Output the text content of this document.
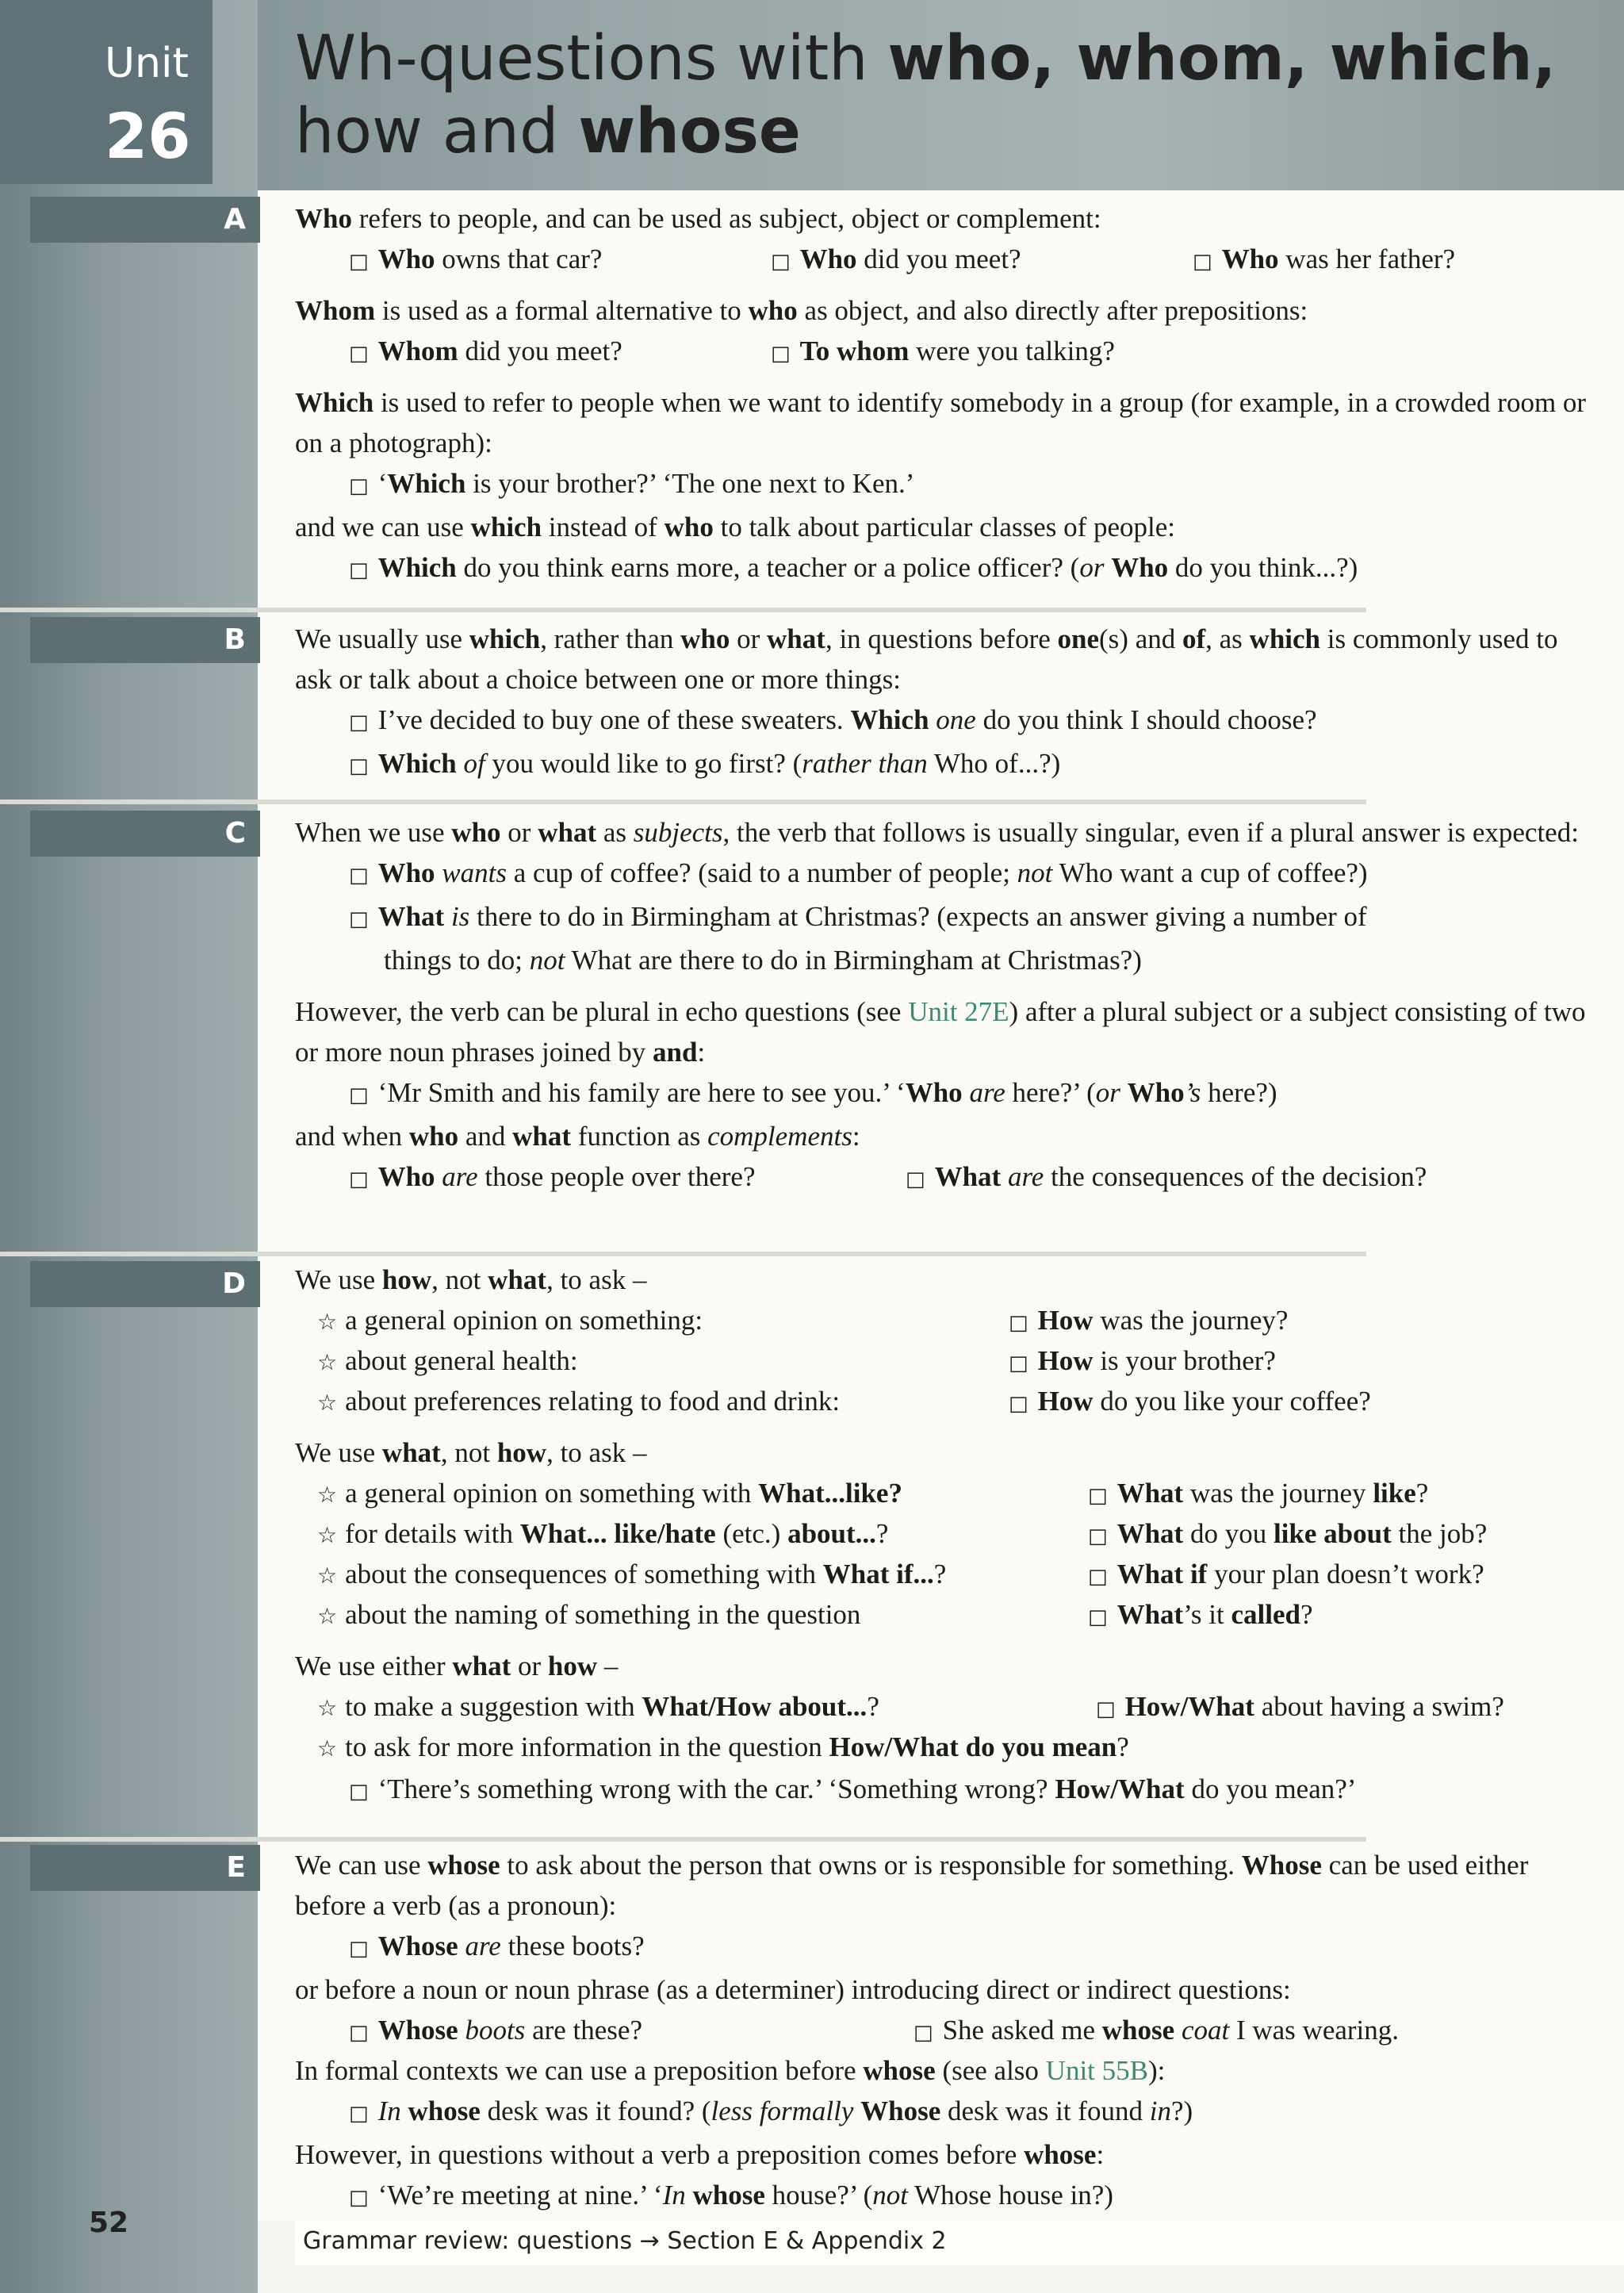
Unit
26
Wh-questions with who, whom, which,
how and whose
A Who refers to people, and can be used as subject, object or complement:

□ Who owns that car?	□ Who did you meet?	□ Who was her father?

Whom is used as a formal alternative to who as object, and also directly after prepositions:

□ Whom did you meet?	□ To whom were you talking?

Which is used to refer to people when we want to identify somebody in a group (for example, in a crowded room or on a photograph):

□ ‘Which is your brother?’ ‘The one next to Ken.’

and we can use which instead of who to talk about particular classes of people:

□ Which do you think earns more, a teacher or a police officer? (or Who do you think...?)

B We usually use which, rather than who or what, in questions before one(s) and of, as which is commonly used to ask or talk about a choice between one or more things:

□ I’ve decided to buy one of these sweaters. Which one do you think I should choose?

□ Which of you would like to go first? (rather than Who of...?)

C When we use who or what as subjects, the verb that follows is usually singular, even if a plural answer is expected:

□ Who wants a cup of coffee? (said to a number of people; not Who want a cup of coffee?)

□ What is there to do in Birmingham at Christmas? (expects an answer giving a number of

things to do; not What are there to do in Birmingham at Christmas?)

However, the verb can be plural in echo questions (see Unit 27E) after a plural subject or a subject consisting of two or more noun phrases joined by and:

□ ‘Mr Smith and his family are here to see you.’ ‘Who are here?’ (or Who’s here?)

and when who and what function as complements:

□ Who are those people over there?	□ What are the consequences of the decision?
D We use how, not what, to ask –

☆ a general opinion on something:	□ How was the journey?
☆ about general health:	□ How is your brother?
☆ about preferences relating to food and drink:	□ How do you like your coffee?

We use what, not how, to ask –

☆ a general opinion on something with What...like?	□ What was the journey like?
☆ for details with What... like/hate (etc.) about...?	□ What do you like about the job?
☆ about the consequences of something with What if...?	□ What if your plan doesn’t work?
☆ about the naming of something in the question	□ What’s it called?

We use either what or how –

☆ to make a suggestion with What/How about...?	□ How/What about having a swim?

☆ to ask for more information in the question How/What do you mean?

□ ‘There’s something wrong with the car.’ ‘Something wrong? How/What do you mean?’

E We can use whose to ask about the person that owns or is responsible for something. Whose can be used either before a verb (as a pronoun):

□ Whose are these boots?

or before a noun or noun phrase (as a determiner) introducing direct or indirect questions:

□ Whose boots are these?	□ She asked me whose coat I was wearing.

In formal contexts we can use a preposition before whose (see also Unit 55B):

□ In whose desk was it found? (less formally Whose desk was it found in?)

However, in questions without a verb a preposition comes before whose:

□ ‘We’re meeting at nine.’ ‘In whose house?’ (not Whose house in?)

52
Grammar review: questions → Section E & Appendix 2
